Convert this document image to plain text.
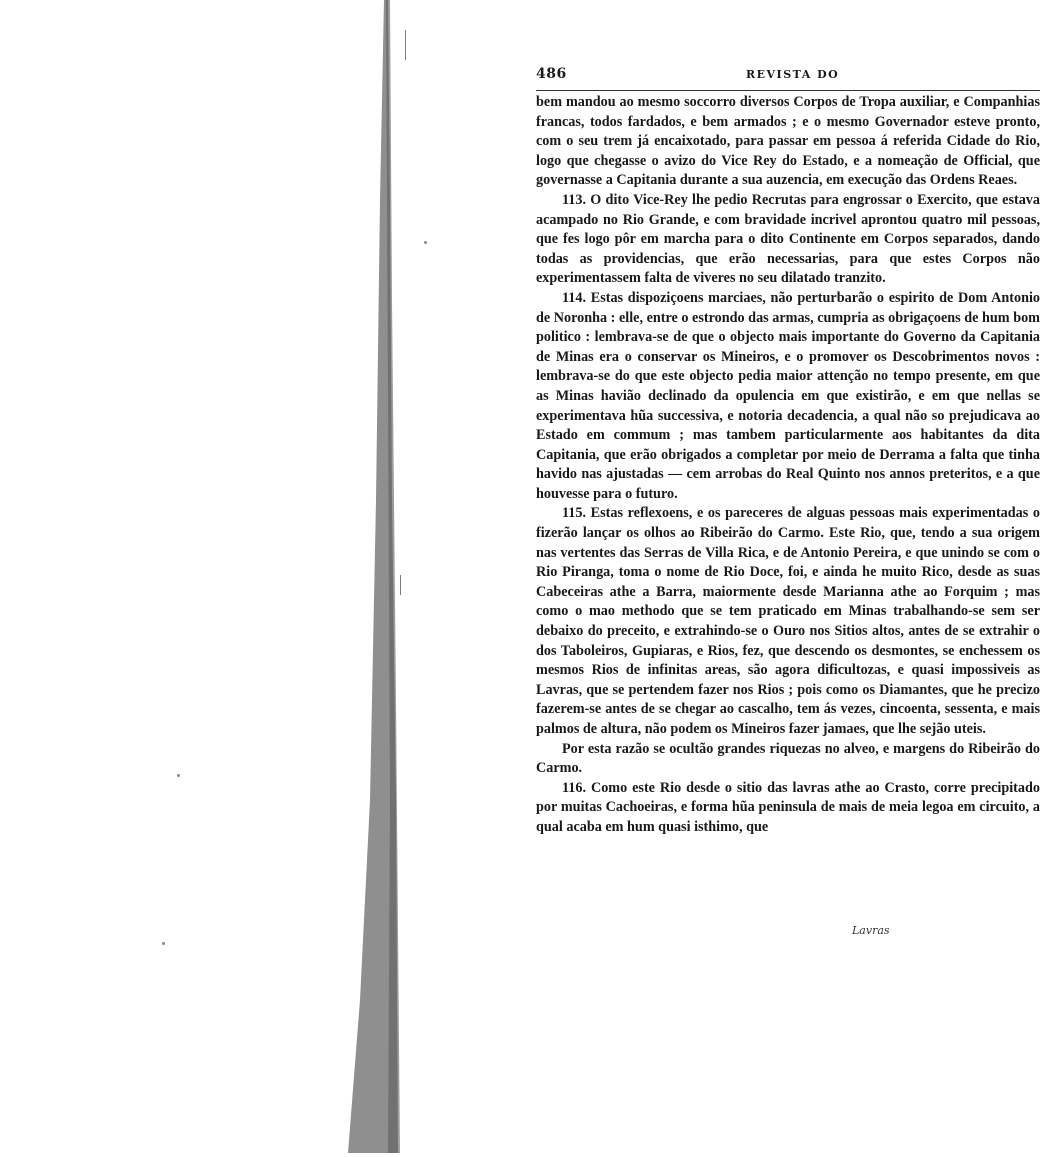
486	REVISTA DO

bem mandou ao mesmo soccorro diversos Corpos de Tropa auxiliar, e Companhias francas, todos fardados, e bem armados ; e o mesmo Governador esteve pronto, com o seu trem já encaixotado, para passar em pessoa á referida Cidade do Rio, logo que chegasse o avizo do Vice Rey do Estado, e a nomeação de Official, que governasse a Capitania durante a sua auzencia, em execução das Ordens Reaes.

113. O dito Vice-Rey lhe pedio Recrutas para engrossar o Exercito, que estava acampado no Rio Grande, e com bravidade incrivel aprontou quatro mil pessoas, que fes logo pôr em marcha para o dito Continente em Corpos separados, dando todas as providencias, que erão necessarias, para que estes Corpos não experimentassem falta de viveres no seu dilatado tranzito.

114. Estas dispoziçoens marciaes, não perturbarão o espirito de Dom Antonio de Noronha : elle, entre o estrondo das armas, cumpria as obrigaçoens de hum bom politico : lembrava-se de que o objecto mais importante do Governo da Capitania de Minas era o conservar os Mineiros, e o promover os Descobrimentos novos : lembrava-se do que este objecto pedia maior attenção no tempo presente, em que as Minas havião declinado da opulencia em que existirão, e em que nellas se experimentava hũa successiva, e notoria decadencia, a qual não so prejudicava ao Estado em commum ; mas tambem particularmente aos habitantes da dita Capitania, que erão obrigados a completar por meio de Derrama a falta que tinha havido nas ajustadas — cem arrobas do Real Quinto nos annos preteritos, e a que houvesse para o futuro.

115. Estas reflexoens, e os pareceres de alguas pessoas mais experimentadas o fizerão lançar os olhos ao Ribeirão do Carmo. Este Rio, que, tendo a sua origem nas vertentes das Serras de Villa Rica, e de Antonio Pereira, e que unindo se com o Rio Piranga, toma o nome de Rio Doce, foi, e ainda he muito Rico, desde as suas Cabeceiras athe a Barra, maiormente desde Marianna athe ao Forquim ; mas como o mao methodo que se tem praticado em Minas trabalhando-se sem ser debaixo do preceito, e extrahindo-se o Ouro nos Sitios altos, antes de se extrahir o dos Taboleiros, Gupiaras, e Rios, fez, que descendo os desmontes, se enchessem os mesmos Rios de infinitas areas, são agora dificultozas, e quasi impossiveis as Lavras, que se pertendem fazer nos Rios ; pois como os Diamantes, que he precizo fazerem-se antes de se chegar ao cascalho, tem ás vezes, cincoenta, sessenta, e mais palmos de altura, não podem os Mineiros fazer jamaes, que lhe sejão uteis.

Por esta razão se ocultão grandes riquezas no alveo, e margens do Ribeirão do Carmo.

116. Como este Rio desde o sitio das lavras athe ao Crasto, corre precipitado por muitas Cachoeiras, e forma hũa peninsula de mais de meia legoa em circuito, a qual acaba em hum quasi isthimo, que

Lavras
